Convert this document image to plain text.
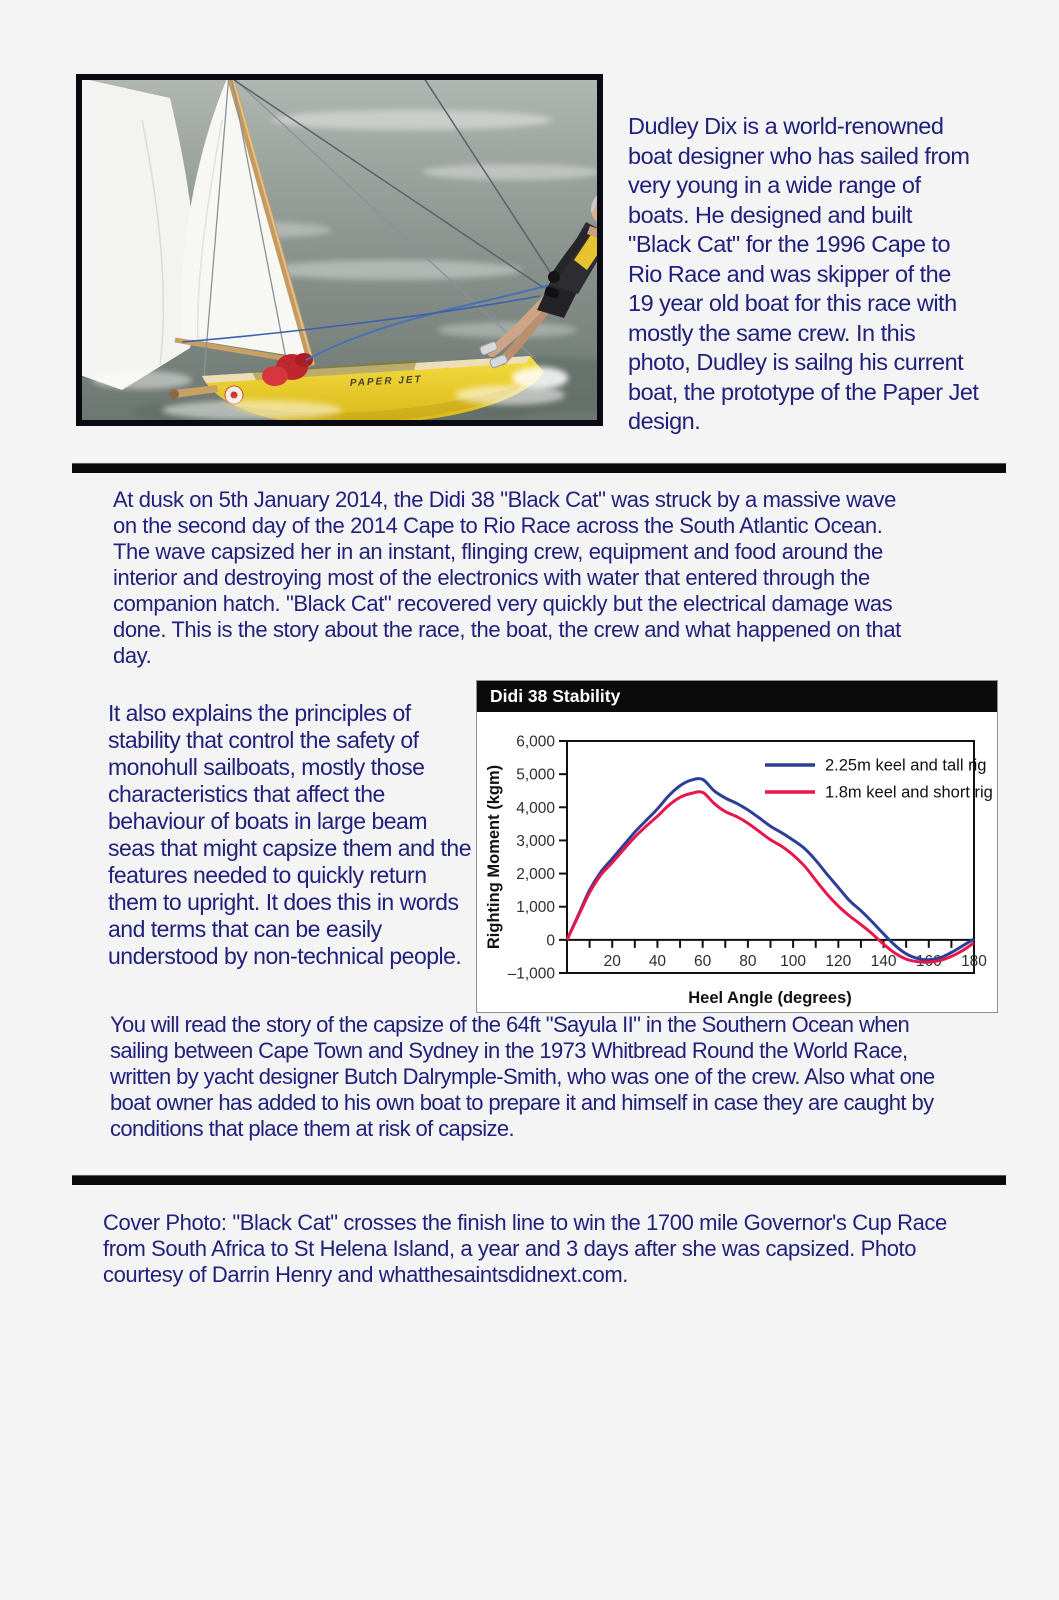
PAPER JET
Dudley Dix is a world-renowned boat designer who has sailed from very young in a wide range of boats. He designed and built "Black Cat" for the 1996 Cape to Rio Race and was skipper of the 19 year old boat for this race with mostly the same crew. In this photo, Dudley is sailng his current boat, the prototype of the Paper Jet design.
At dusk on 5th January 2014, the Didi 38 "Black Cat" was struck by a massive wave on the second day of the 2014 Cape to Rio Race across the South Atlantic Ocean. The wave capsized her in an instant, flinging crew, equipment and food around the interior and destroying most of the electronics with water that entered through the companion hatch. "Black Cat" recovered very quickly but the electrical damage was done. This is the story about the race, the boat, the crew and what happened on that day.
It also explains the principles of stability that control the safety of monohull sailboats, mostly those characteristics that affect the behaviour of boats in large beam seas that might capsize them and the features needed to quickly return them to upright. It does this in words and terms that can be easily understood by non-technical people.
Didi 38 Stability
Righting Moment (kgm)
Heel Angle (degrees)
–1,000
0
1,000
2,000
3,000
4,000
5,000
6,000
20 40 60 80 100 120 140 160 180
2.25m keel and tall rig
1.8m keel and short rig
You will read the story of the capsize of the 64ft "Sayula II" in the Southern Ocean when sailing between Cape Town and Sydney in the 1973 Whitbread Round the World Race, written by yacht designer Butch Dalrymple-Smith, who was one of the crew. Also what one boat owner has added to his own boat to prepare it and himself in case they are caught by conditions that place them at risk of capsize.
Cover Photo: "Black Cat" crosses the finish line to win the 1700 mile Governor's Cup Race from South Africa to St Helena Island, a year and 3 days after she was capsized. Photo courtesy of Darrin Henry and whatthesaintsdidnext.com.
